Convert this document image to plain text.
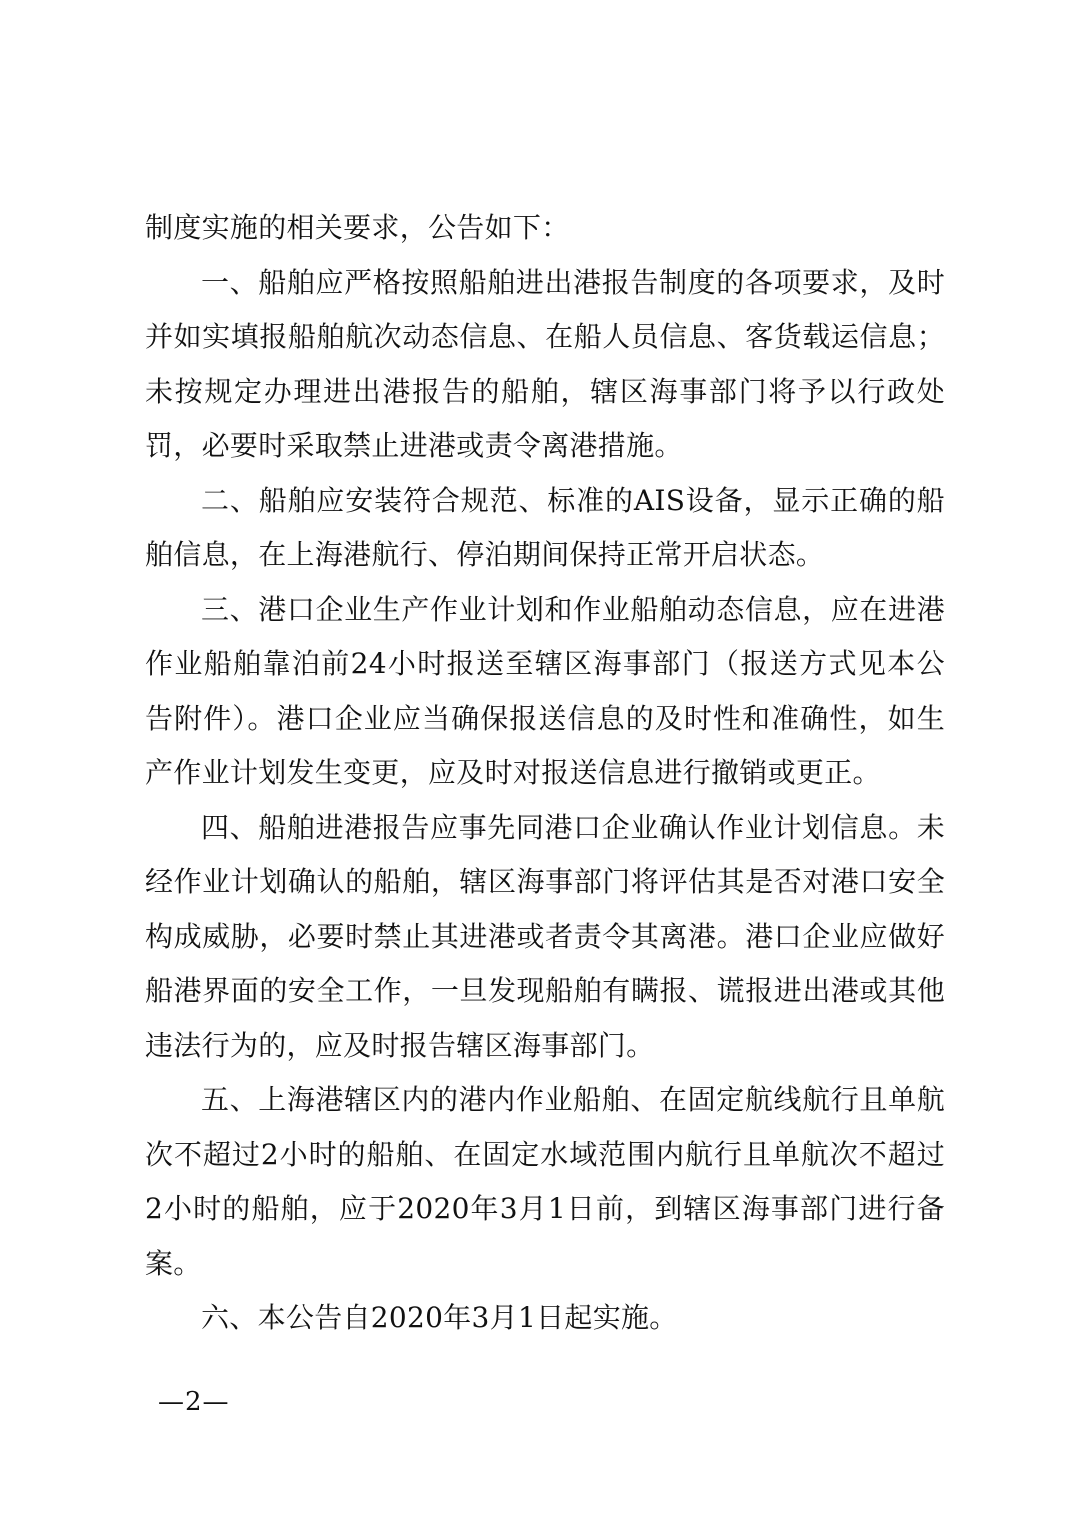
制度实施的相关要求，公告如下：

一、船舶应严格按照船舶进出港报告制度的各项要求，及时并如实填报船舶航次动态信息、在船人员信息、客货载运信息；未按规定办理进出港报告的船舶，辖区海事部门将予以行政处罚，必要时采取禁止进港或责令离港措施。

二、船舶应安装符合规范、标准的AIS设备，显示正确的船舶信息，在上海港航行、停泊期间保持正常开启状态。

三、港口企业生产作业计划和作业船舶动态信息，应在进港作业船舶靠泊前24小时报送至辖区海事部门（报送方式见本公告附件）。港口企业应当确保报送信息的及时性和准确性，如生产作业计划发生变更，应及时对报送信息进行撤销或更正。

四、船舶进港报告应事先同港口企业确认作业计划信息。未经作业计划确认的船舶，辖区海事部门将评估其是否对港口安全构成威胁，必要时禁止其进港或者责令其离港。港口企业应做好船港界面的安全工作，一旦发现船舶有瞒报、谎报进出港或其他违法行为的，应及时报告辖区海事部门。

五、上海港辖区内的港内作业船舶、在固定航线航行且单航次不超过2小时的船舶、在固定水域范围内航行且单航次不超过2小时的船舶，应于2020年3月1日前，到辖区海事部门进行备案。

六、本公告自2020年3月1日起实施。

—2—
